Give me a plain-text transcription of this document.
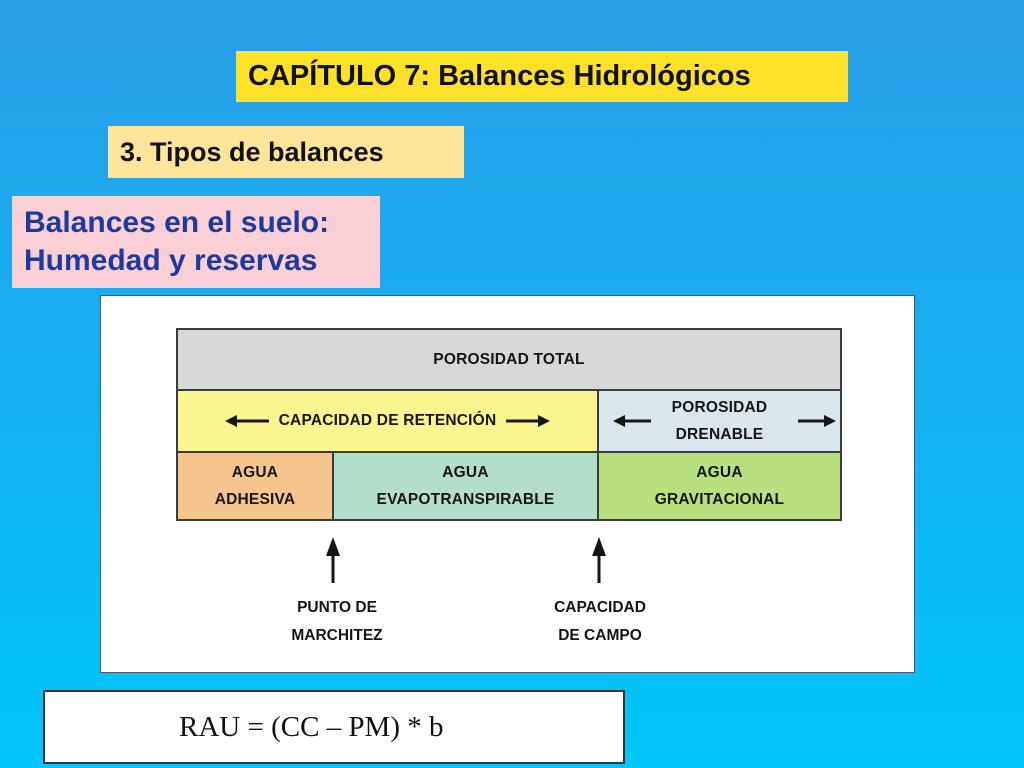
CAPÍTULO 7: Balances Hidrológicos
3. Tipos de balances
Balances en el suelo:
Humedad y reservas
POROSIDAD TOTAL
CAPACIDAD DE RETENCIÓN
POROSIDAD
DRENABLE
AGUA
ADHESIVA
AGUA
EVAPOTRANSPIRABLE
AGUA
GRAVITACIONAL
PUNTO DE
MARCHITEZ
CAPACIDAD
DE CAMPO
RAU = (CC – PM) * b
